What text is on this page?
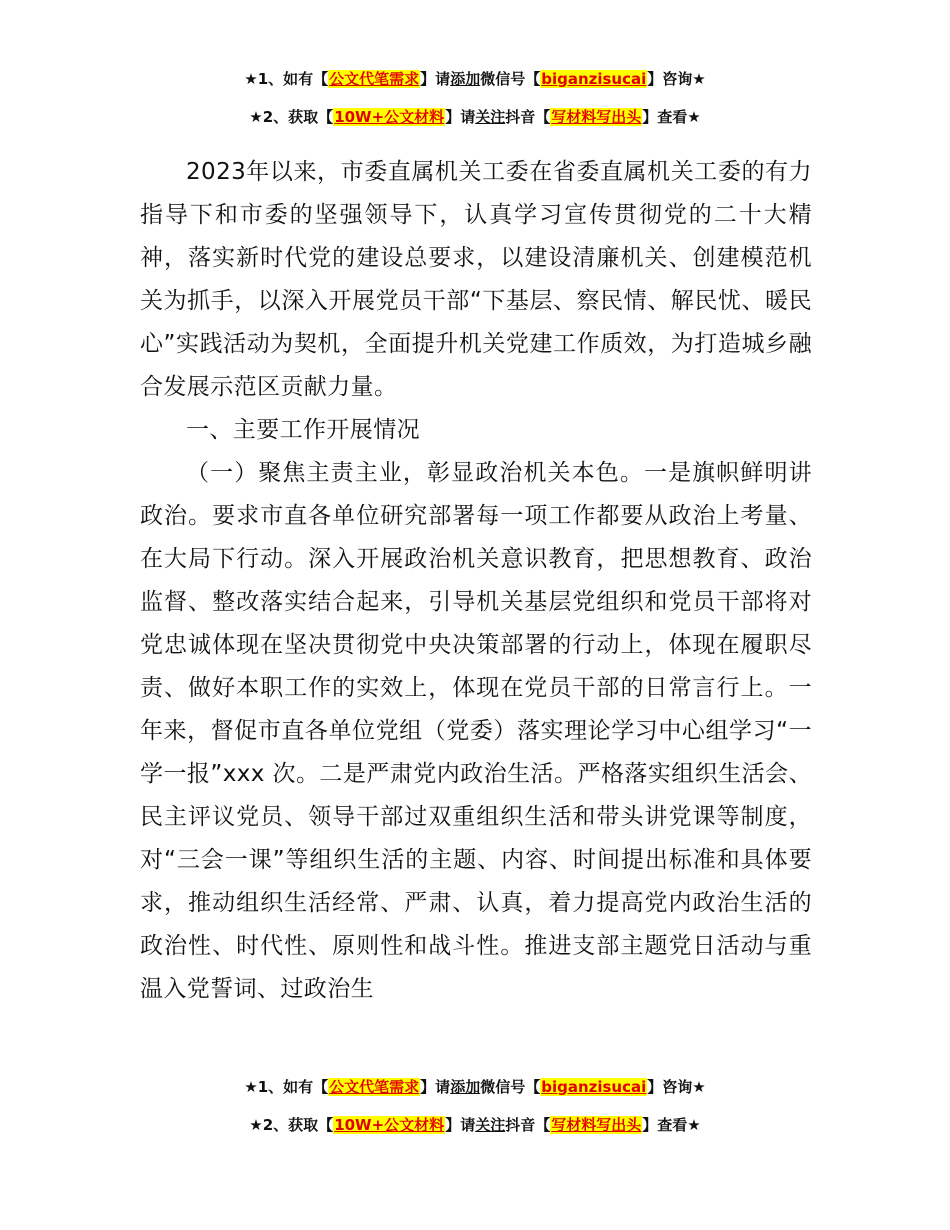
★1、如有【公文代笔需求】请添加微信号【biganzisucai】咨询★
★2、获取【10W+公文材料】请关注抖音【写材料写出头】查看★

2023年以来，市委直属机关工委在省委直属机关工委的有力指导下和市委的坚强领导下，认真学习宣传贯彻党的二十大精神，落实新时代党的建设总要求，以建设清廉机关、创建模范机关为抓手，以深入开展党员干部“下基层、察民情、解民忧、暖民心”实践活动为契机，全面提升机关党建工作质效，为打造城乡融合发展示范区贡献力量。

一、主要工作开展情况

（一）聚焦主责主业，彰显政治机关本色。一是旗帜鲜明讲政治。要求市直各单位研究部署每一项工作都要从政治上考量、在大局下行动。深入开展政治机关意识教育，把思想教育、政治监督、整改落实结合起来，引导机关基层党组织和党员干部将对党忠诚体现在坚决贯彻党中央决策部署的行动上，体现在履职尽责、做好本职工作的实效上，体现在党员干部的日常言行上。一年来，督促市直各单位党组（党委）落实理论学习中心组学习“一学一报”xxx 次。二是严肃党内政治生活。严格落实组织生活会、民主评议党员、领导干部过双重组织生活和带头讲党课等制度，对“三会一课”等组织生活的主题、内容、时间提出标准和具体要求，推动组织生活经常、严肃、认真，着力提高党内政治生活的政治性、时代性、原则性和战斗性。推进支部主题党日活动与重温入党誓词、过政治生

★1、如有【公文代笔需求】请添加微信号【biganzisucai】咨询★
★2、获取【10W+公文材料】请关注抖音【写材料写出头】查看★
